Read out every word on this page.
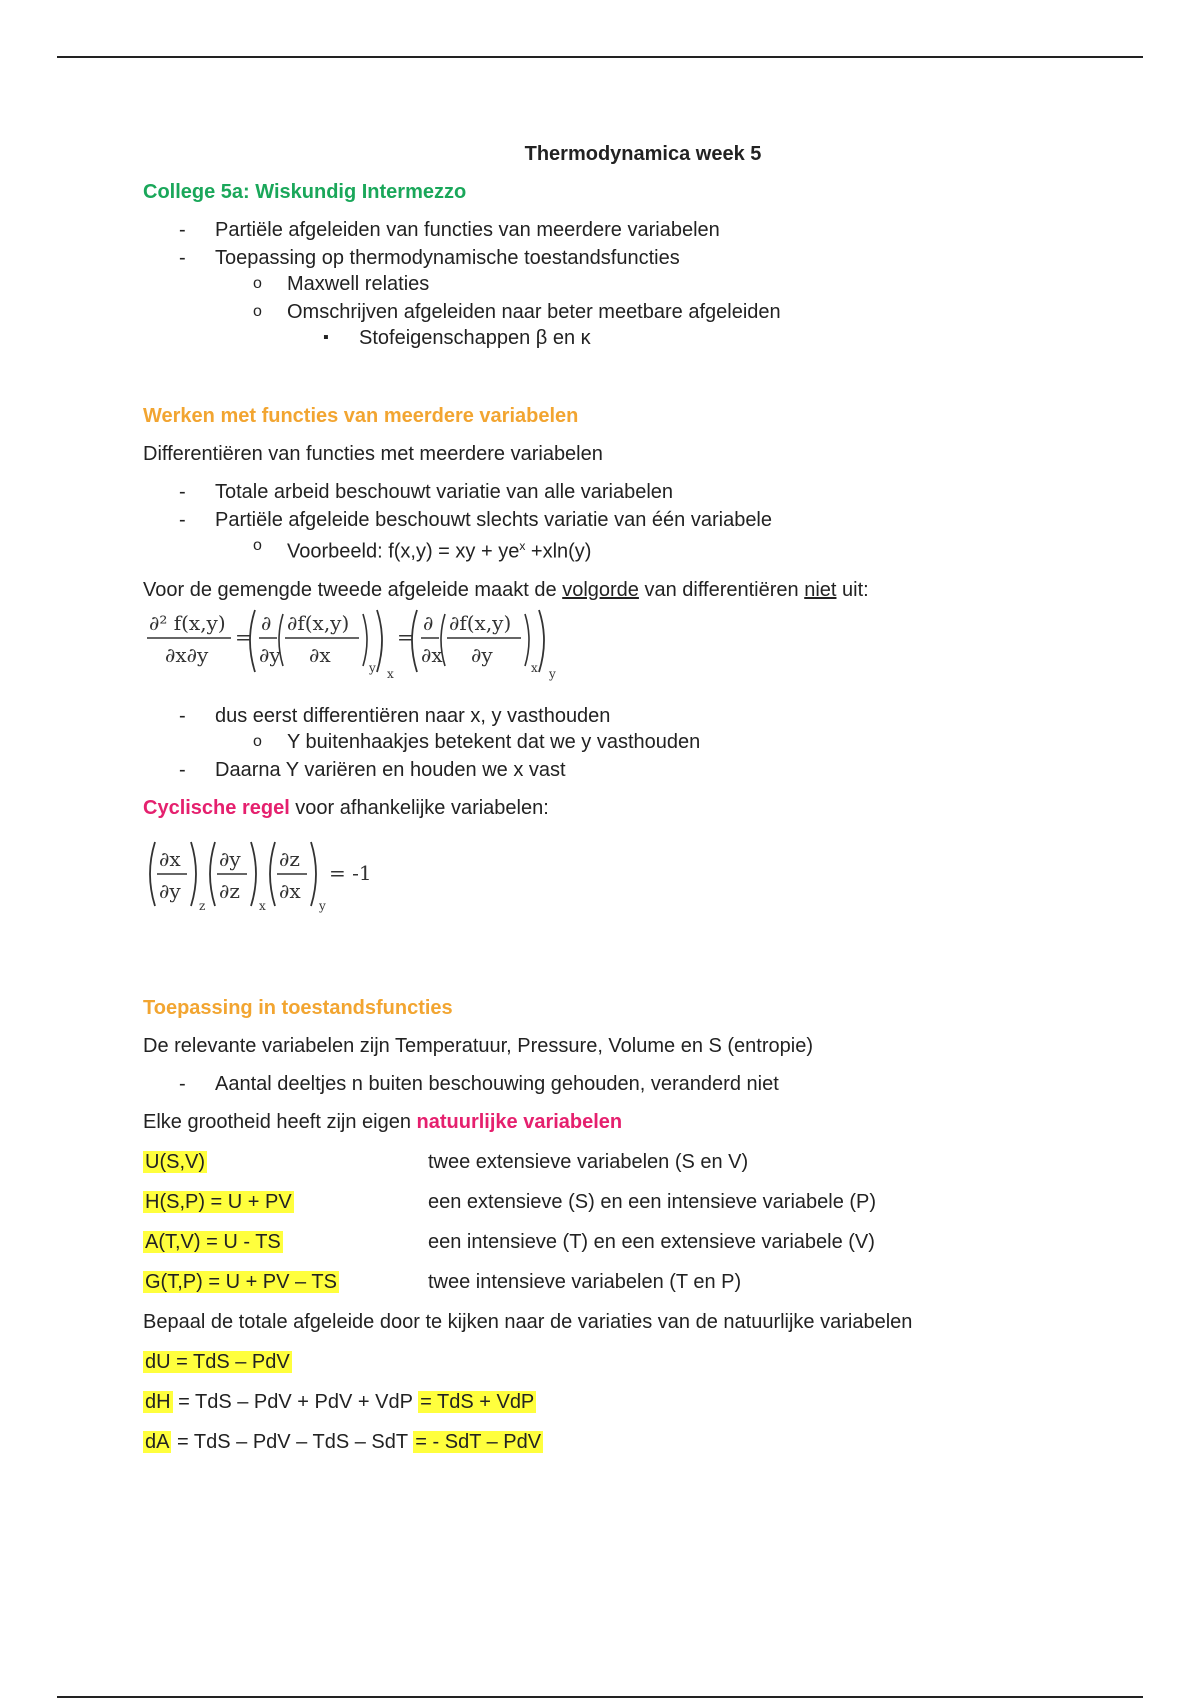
Thermodynamica week 5
College 5a: Wiskundig Intermezzo
- Partiële afgeleiden van functies van meerdere variabelen
- Toepassing op thermodynamische toestandsfuncties
o Maxwell relaties
o Omschrijven afgeleiden naar beter meetbare afgeleiden
▪ Stofeigenschappen β en κ
Werken met functies van meerdere variabelen
Differentiëren van functies met meerdere variabelen
- Totale arbeid beschouwt variatie van alle variabelen
- Partiële afgeleide beschouwt slechts variatie van één variabele
o Voorbeeld: f(x,y) = xy + $ye^x +xln(y)$
Voor de gemengde tweede afgeleide maakt de volgorde van differentiëren niet uit:
∂² f(x,y)
∂x∂y
=
∂
∂y
∂f(x,y)
∂x
y x
=
∂
∂x
∂f(x,y)
∂y
x y
- dus eerst differentiëren naar x, y vasthouden
o Y buitenhaakjes betekent dat we y vasthouden
- Daarna Y variëren en houden we x vast
Cyclische regel voor afhankelijke variabelen:
∂x
∂y
z
∂y
∂z
x
∂z
∂x
y
= -1
Toepassing in toestandsfuncties
De relevante variabelen zijn Temperatuur, Pressure, Volume en S (entropie)
- Aantal deeltjes n buiten beschouwing gehouden, veranderd niet
Elke grootheid heeft zijn eigen natuurlijke variabelen
U(S,V)	twee extensieve variabelen (S en V)
H(S,P) = U + PV	een extensieve (S) en een intensieve variabele (P)
A(T,V) = U - TS	een intensieve (T) en een extensieve variabele (V)
G(T,P) = U + PV – TS	twee intensieve variabelen (T en P)
Bepaal de totale afgeleide door te kijken naar de variaties van de natuurlijke variabelen
dU = TdS – PdV
dH = TdS – PdV + PdV + VdP = TdS + VdP
dA = TdS – PdV – TdS – SdT = - SdT – PdV
